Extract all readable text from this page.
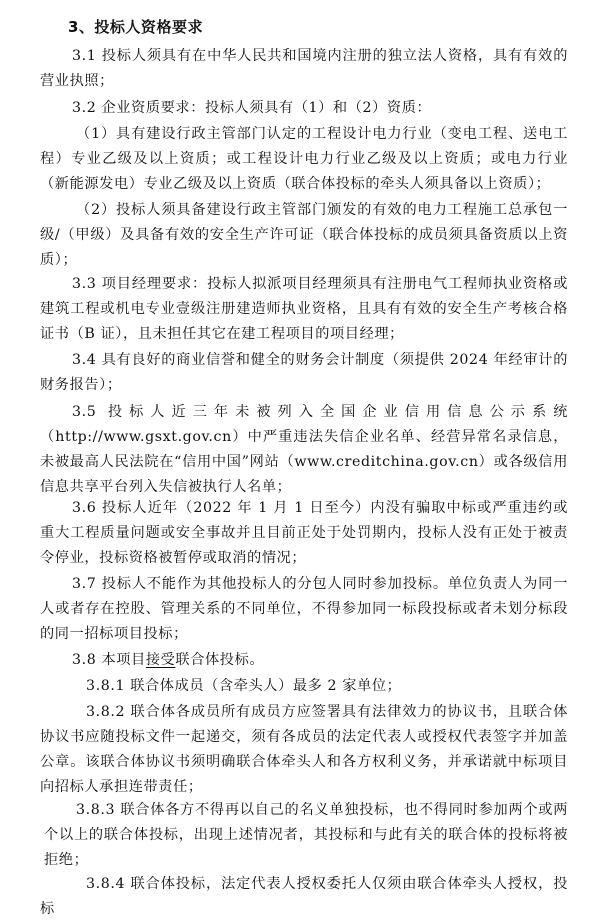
3、投标人资格要求
3.1 投标人须具有在中华人民共和国境内注册的独立法人资格，具有有效的营业执照；
3.2 企业资质要求：投标人须具有（1）和（2）资质：
（1）具有建设行政主管部门认定的工程设计电力行业（变电工程、送电工程）专业乙级及以上资质；或工程设计电力行业乙级及以上资质；或电力行业（新能源发电）专业乙级及以上资质（联合体投标的牵头人须具备以上资质）；
（2）投标人须具备建设行政主管部门颁发的有效的电力工程施工总承包一级/（甲级）及具备有效的安全生产许可证（联合体投标的成员须具备资质以上资质）；
3.3 项目经理要求：投标人拟派项目经理须具有注册电气工程师执业资格或建筑工程或机电专业壹级注册建造师执业资格，且具有有效的安全生产考核合格证书（B 证），且未担任其它在建工程项目的项目经理；
3.4 具有良好的商业信誉和健全的财务会计制度（须提供 2024 年经审计的财务报告）；
3.5 投标人近三年未被列入全国企业信用信息公示系统（http://www.gsxt.gov.cn）中严重违法失信企业名单、经营异常名录信息，未被最高人民法院在“信用中国”网站（www.creditchina.gov.cn）或各级信用信息共享平台列入失信被执行人名单；
3.6 投标人近年（2022 年 1 月 1 日至今）内没有骗取中标或严重违约或重大工程质量问题或安全事故并且目前正处于处罚期内，投标人没有正处于被责令停业，投标资格被暂停或取消的情况；
3.7 投标人不能作为其他投标人的分包人同时参加投标。单位负责人为同一人或者存在控股、管理关系的不同单位，不得参加同一标段投标或者未划分标段的同一招标项目投标；
3.8 本项目接受联合体投标。
3.8.1 联合体成员（含牵头人）最多 2 家单位；
3.8.2 联合体各成员所有成员方应签署具有法律效力的协议书，且联合体协议书应随投标文件一起递交，须有各成员的法定代表人或授权代表签字并加盖公章。该联合体协议书须明确联合体牵头人和各方权利义务，并承诺就中标项目向招标人承担连带责任；
3.8.3 联合体各方不得再以自己的名义单独投标，也不得同时参加两个或两个以上的联合体投标，出现上述情况者，其投标和与此有关的联合体的投标将被拒绝；
3.8.4 联合体投标，法定代表人授权委托人仅须由联合体牵头人授权，投标
